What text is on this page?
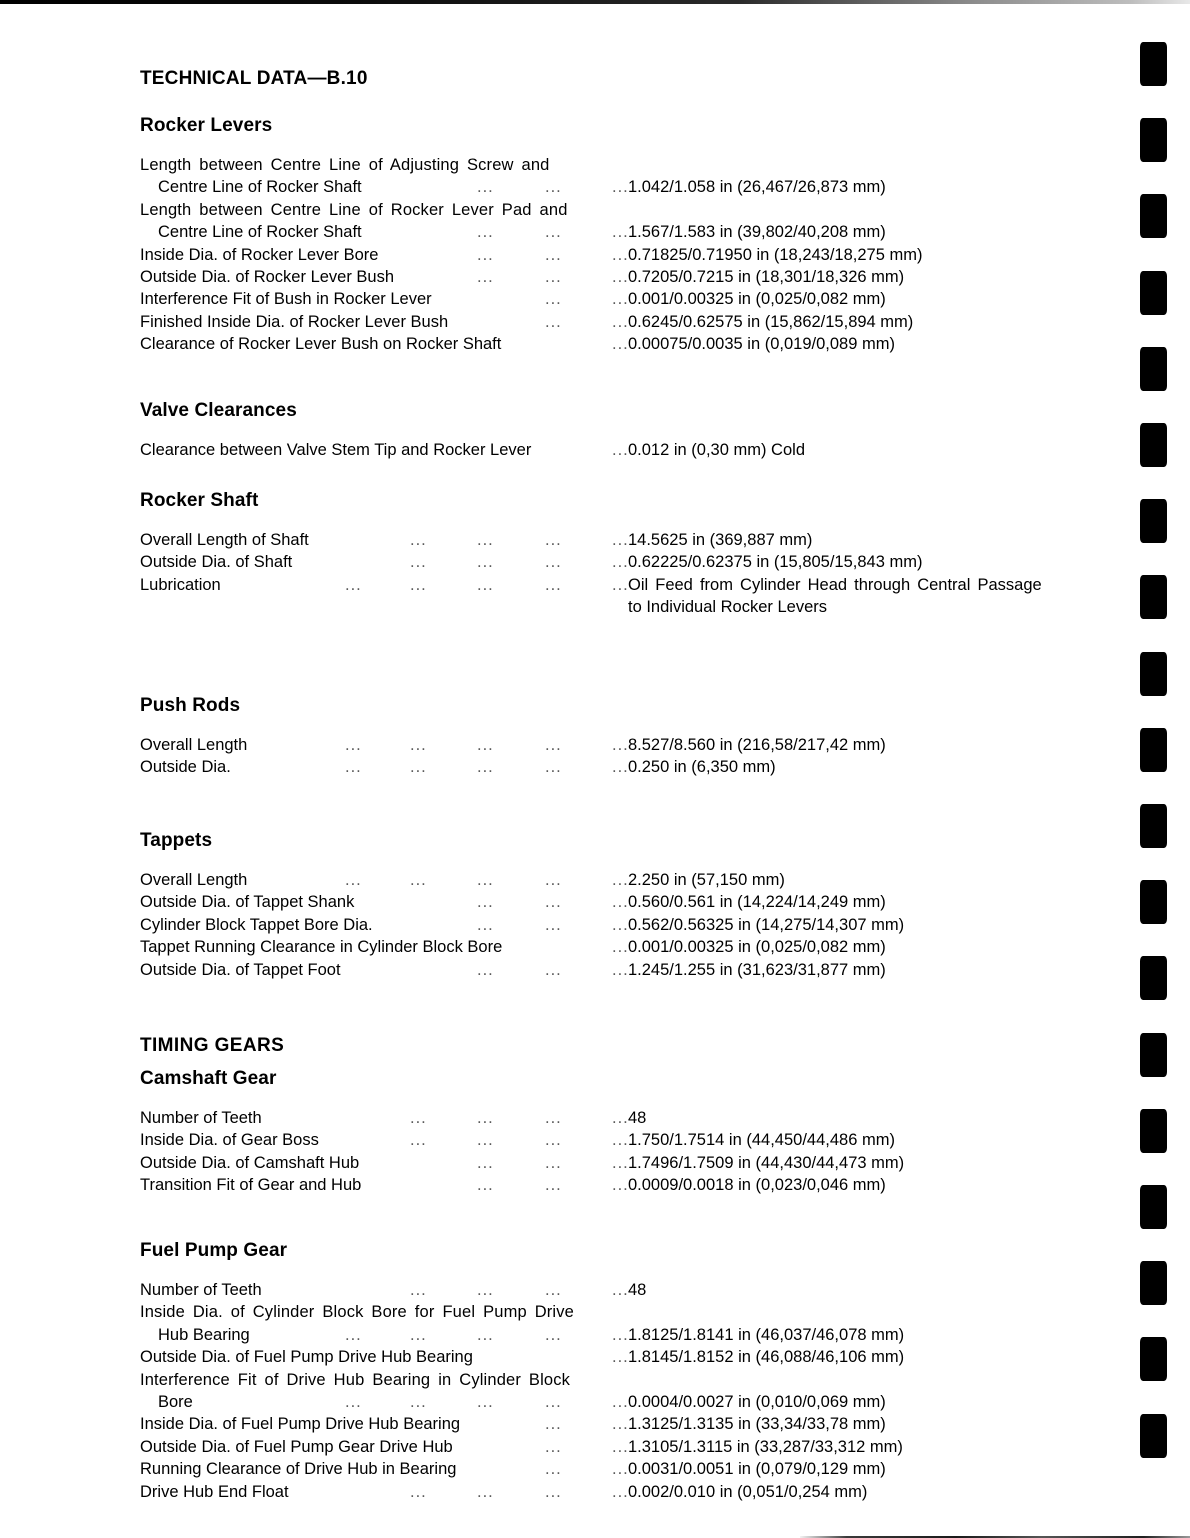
TECHNICAL DATA—B.10
Rocker Levers
Length between Centre Line of Adjusting Screw and
Centre Line of Rocker Shaft	...	...	... 1.042/1.058 in (26,467/26,873 mm)
Length between Centre Line of Rocker Lever Pad and
Centre Line of Rocker Shaft	...	...	... 1.567/1.583 in (39,802/40,208 mm)
Inside Dia. of Rocker Lever Bore	...	...	... 0.71825/0.71950 in (18,243/18,275 mm)
Outside Dia. of Rocker Lever Bush	...	...	... 0.7205/0.7215 in (18,301/18,326 mm)
Interference Fit of Bush in Rocker Lever	...	... 0.001/0.00325 in (0,025/0,082 mm)
Finished Inside Dia. of Rocker Lever Bush	...	... 0.6245/0.62575 in (15,862/15,894 mm)
Clearance of Rocker Lever Bush on Rocker Shaft	... 0.00075/0.0035 in (0,019/0,089 mm)
Valve Clearances
Clearance between Valve Stem Tip and Rocker Lever	... 0.012 in (0,30 mm) Cold
Rocker Shaft
Overall Length of Shaft	...	...	...	... 14.5625 in (369,887 mm)
Outside Dia. of Shaft	...	...	...	... 0.62225/0.62375 in (15,805/15,843 mm)
Lubrication	...	...	...	...	... Oil Feed from Cylinder Head through Central Passage
to Individual Rocker Levers
Push Rods
Overall Length	...	...	...	...	... 8.527/8.560 in (216,58/217,42 mm)
Outside Dia.	...	...	...	...	... 0.250 in (6,350 mm)
Tappets
Overall Length	...	...	...	...	... 2.250 in (57,150 mm)
Outside Dia. of Tappet Shank	...	...	... 0.560/0.561 in (14,224/14,249 mm)
Cylinder Block Tappet Bore Dia.	...	...	... 0.562/0.56325 in (14,275/14,307 mm)
Tappet Running Clearance in Cylinder Block Bore	... 0.001/0.00325 in (0,025/0,082 mm)
Outside Dia. of Tappet Foot	...	...	... 1.245/1.255 in (31,623/31,877 mm)
TIMING GEARS
Camshaft Gear
Number of Teeth	...	...	...	... 48
Inside Dia. of Gear Boss	...	...	...	... 1.750/1.7514 in (44,450/44,486 mm)
Outside Dia. of Camshaft Hub	...	...	... 1.7496/1.7509 in (44,430/44,473 mm)
Transition Fit of Gear and Hub	...	...	... 0.0009/0.0018 in (0,023/0,046 mm)
Fuel Pump Gear
Number of Teeth	...	...	...	... 48
Inside Dia. of Cylinder Block Bore for Fuel Pump Drive
Hub Bearing	...	...	...	...	... 1.8125/1.8141 in (46,037/46,078 mm)
Outside Dia. of Fuel Pump Drive Hub Bearing	... 1.8145/1.8152 in (46,088/46,106 mm)
Interference Fit of Drive Hub Bearing in Cylinder Block
Bore	...	...	...	...	... 0.0004/0.0027 in (0,010/0,069 mm)
Inside Dia. of Fuel Pump Drive Hub Bearing	...	... 1.3125/1.3135 in (33,34/33,78 mm)
Outside Dia. of Fuel Pump Gear Drive Hub	...	... 1.3105/1.3115 in (33,287/33,312 mm)
Running Clearance of Drive Hub in Bearing	...	... 0.0031/0.0051 in (0,079/0,129 mm)
Drive Hub End Float	...	...	...	... 0.002/0.010 in (0,051/0,254 mm)
